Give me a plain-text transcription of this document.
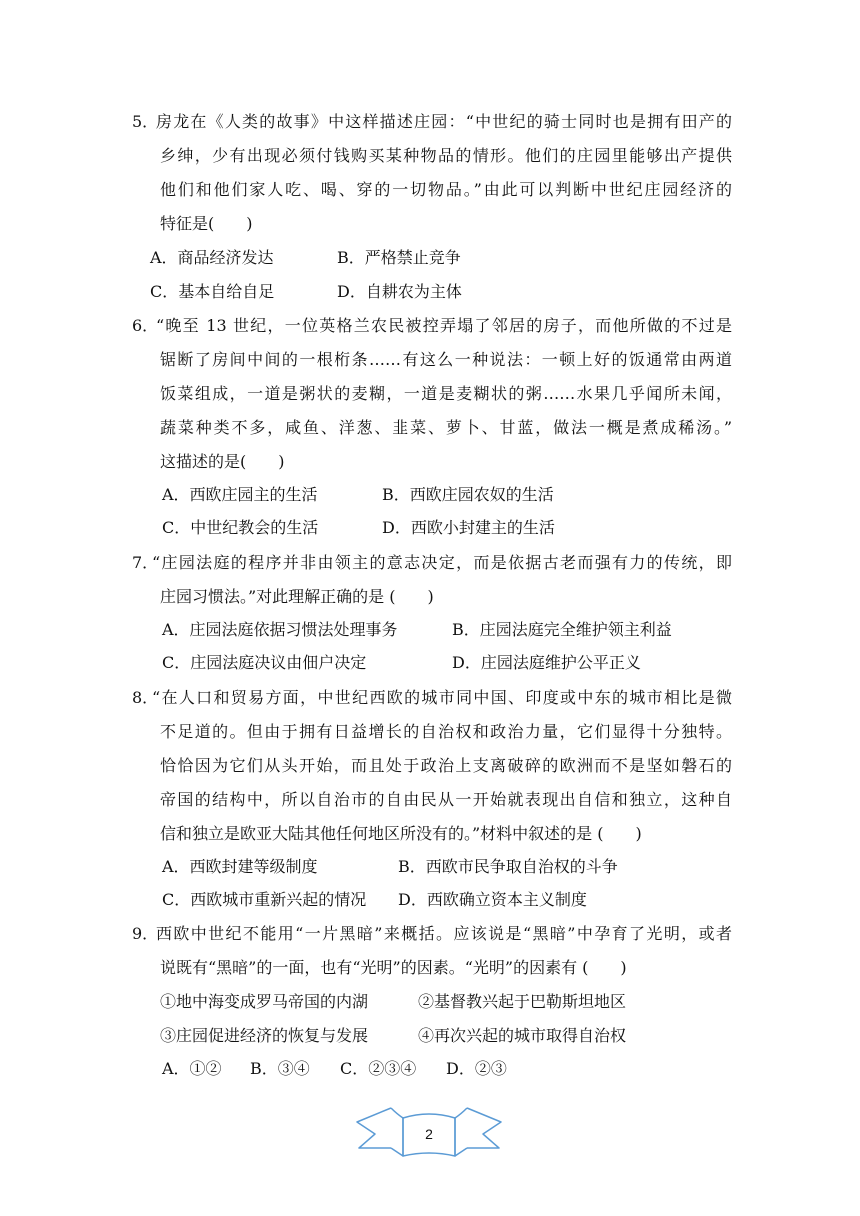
5．
房龙在《人类的故事》中这样描述庄园：“中世纪的骑士同时也是拥有田产的
乡绅，少有出现必须付钱购买某种物品的情形。他们的庄园里能够出产提供
他们和他们家人吃、喝、穿的一切物品。”由此可以判断中世纪庄园经济的
特征是(　　)
A．商品经济发达	B．严格禁止竞争
C．基本自给自足	D．自耕农为主体
6．
“晚至 13 世纪，一位英格兰农民被控弄塌了邻居的房子，而他所做的不过是
锯断了房间中间的一根桁条……有这么一种说法：一顿上好的饭通常由两道
饭菜组成，一道是粥状的麦糊，一道是麦糊状的粥……水果几乎闻所未闻，
蔬菜种类不多，咸鱼、洋葱、韭菜、萝卜、甘蓝，做法一概是煮成稀汤。”
这描述的是(　　)
A．西欧庄园主的生活	B．西欧庄园农奴的生活
C．中世纪教会的生活	D．西欧小封建主的生活
7．
“庄园法庭的程序并非由领主的意志决定，而是依据古老而强有力的传统，即
庄园习惯法。”对此理解正确的是 (　　)
A．庄园法庭依据习惯法处理事务	B．庄园法庭完全维护领主利益
C．庄园法庭决议由佃户决定	D．庄园法庭维护公平正义
8．
“在人口和贸易方面，中世纪西欧的城市同中国、印度或中东的城市相比是微
不足道的。但由于拥有日益增长的自治权和政治力量，它们显得十分独特。
恰恰因为它们从头开始，而且处于政治上支离破碎的欧洲而不是坚如磐石的
帝国的结构中，所以自治市的自由民从一开始就表现出自信和独立，这种自
信和独立是欧亚大陆其他任何地区所没有的。”材料中叙述的是 (　　)
A．西欧封建等级制度	B．西欧市民争取自治权的斗争
C．西欧城市重新兴起的情况 D．西欧确立资本主义制度
9．
西欧中世纪不能用“一片黑暗”来概括。应该说是“黑暗”中孕育了光明，或者
说既有“黑暗”的一面，也有“光明”的因素。“光明”的因素有 (　　)
①地中海变成罗马帝国的内湖	②基督教兴起于巴勒斯坦地区
③庄园促进经济的恢复与发展	④再次兴起的城市取得自治权
A．①② B．③④ C．②③④ D．②③
2
